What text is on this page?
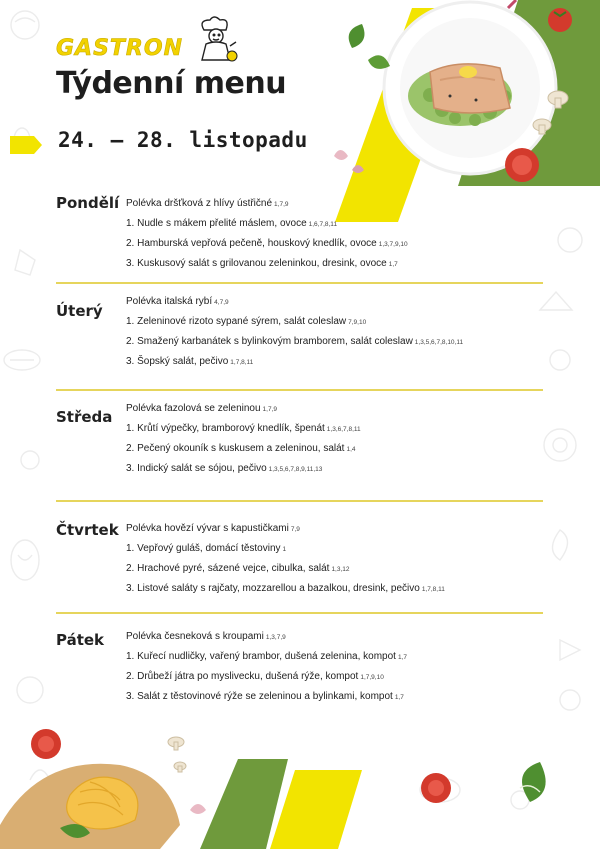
GASTRON
Týdenní menu
24. – 28. listopadu
Pondělí Polévka dršťková z hlívy ústřičné 1,7,9
1. Nudle s mákem přelité máslem, ovoce 1,6,7,8,11
2. Hamburská vepřová pečeně, houskový knedlík, ovoce 1,3,7,9,10
3. Kuskusový salát s grilovanou zeleninkou, dresink, ovoce 1,7
Úterý
Polévka italská rybí 4,7,9
1. Zeleninové rizoto sypané sýrem, salát coleslaw 7,9,10
2. Smažený karbanátek s bylinkovým bramborem, salát coleslaw 1,3,5,6,7,8,10,11
3. Šopský salát, pečivo 1,7,8,11
Středa Polévka fazolová se zeleninou 1,7,9
1. Krůtí výpečky, bramborový knedlík, špenát 1,3,6,7,8,11
2. Pečený okouník s kuskusem a zeleninou, salát 1,4
3. Indický salát se sójou, pečivo 1,3,5,6,7,8,9,11,13
Čtvrtek Polévka hovězí vývar s kapustičkami 7,9
1. Vepřový guláš, domácí těstoviny 1
2. Hrachové pyré, sázené vejce, cibulka, salát 1,3,12
3. Listové saláty s rajčaty, mozzarellou a bazalkou, dresink, pečivo 1,7,8,11
Pátek Polévka česneková s kroupami 1,3,7,9
1. Kuřecí nudličky, vařený brambor, dušená zelenina, kompot 1,7
2. Drůbeží játra po myslivecku, dušená rýže, kompot 1,7,9,10
3. Salát z těstovinové rýže se zeleninou a bylinkami, kompot 1,7
